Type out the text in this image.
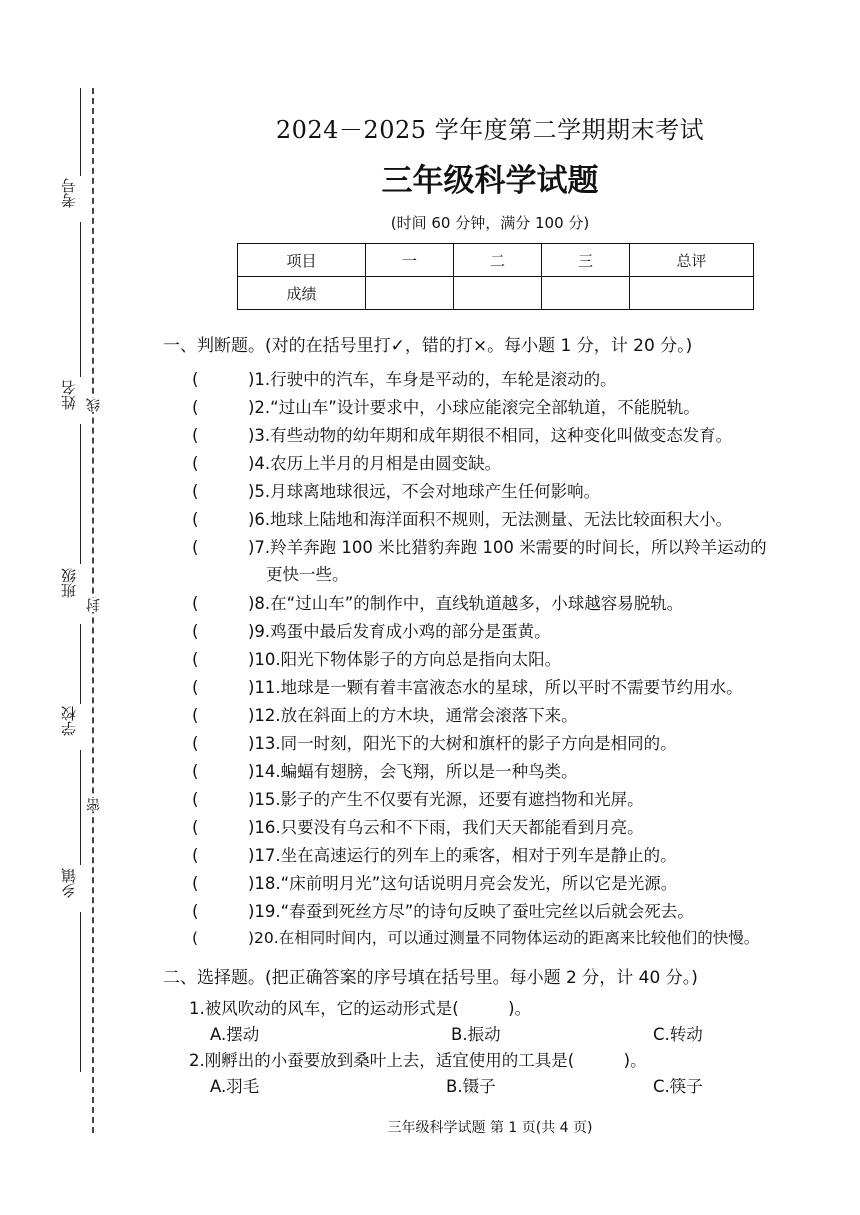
考号
姓名 线
班级
封
学校
密
乡镇
2024－2025 学年度第二学期期末考试
三年级科学试题
(时间 60 分钟，满分 100 分)
项目	一	二	三	总评
成绩				
一、判断题。(对的在括号里打✓，错的打×。每小题 1 分，计 20 分。)
(	)1.行驶中的汽车，车身是平动的，车轮是滚动的。
(	)2.“过山车”设计要求中，小球应能滚完全部轨道，不能脱轨。
(	)3.有些动物的幼年期和成年期很不相同，这种变化叫做变态发育。
(	)4.农历上半月的月相是由圆变缺。
(	)5.月球离地球很远，不会对地球产生任何影响。
(	)6.地球上陆地和海洋面积不规则，无法测量、无法比较面积大小。
(	)7.羚羊奔跑 100 米比猎豹奔跑 100 米需要的时间长，所以羚羊运动的
更快一些。
(	)8.在“过山车”的制作中，直线轨道越多，小球越容易脱轨。
(	)9.鸡蛋中最后发育成小鸡的部分是蛋黄。
(	)10.阳光下物体影子的方向总是指向太阳。
(	)11.地球是一颗有着丰富液态水的星球，所以平时不需要节约用水。
(	)12.放在斜面上的方木块，通常会滚落下来。
(	)13.同一时刻，阳光下的大树和旗杆的影子方向是相同的。
(	)14.蝙蝠有翅膀，会飞翔，所以是一种鸟类。
(	)15.影子的产生不仅要有光源，还要有遮挡物和光屏。
(	)16.只要没有乌云和不下雨，我们天天都能看到月亮。
(	)17.坐在高速运行的列车上的乘客，相对于列车是静止的。
(	)18.“床前明月光”这句话说明月亮会发光，所以它是光源。
(	)19.“春蚕到死丝方尽”的诗句反映了蚕吐完丝以后就会死去。
(	)20.在相同时间内，可以通过测量不同物体运动的距离来比较他们的快慢。
二、选择题。(把正确答案的序号填在括号里。每小题 2 分，计 40 分。)
1.被风吹动的风车，它的运动形式是(　　　)。
A.摆动	B.振动	C.转动
2.刚孵出的小蚕要放到桑叶上去，适宜使用的工具是(　　　)。
A.羽毛	B.镊子	C.筷子
三年级科学试题 第 1 页(共 4 页)
